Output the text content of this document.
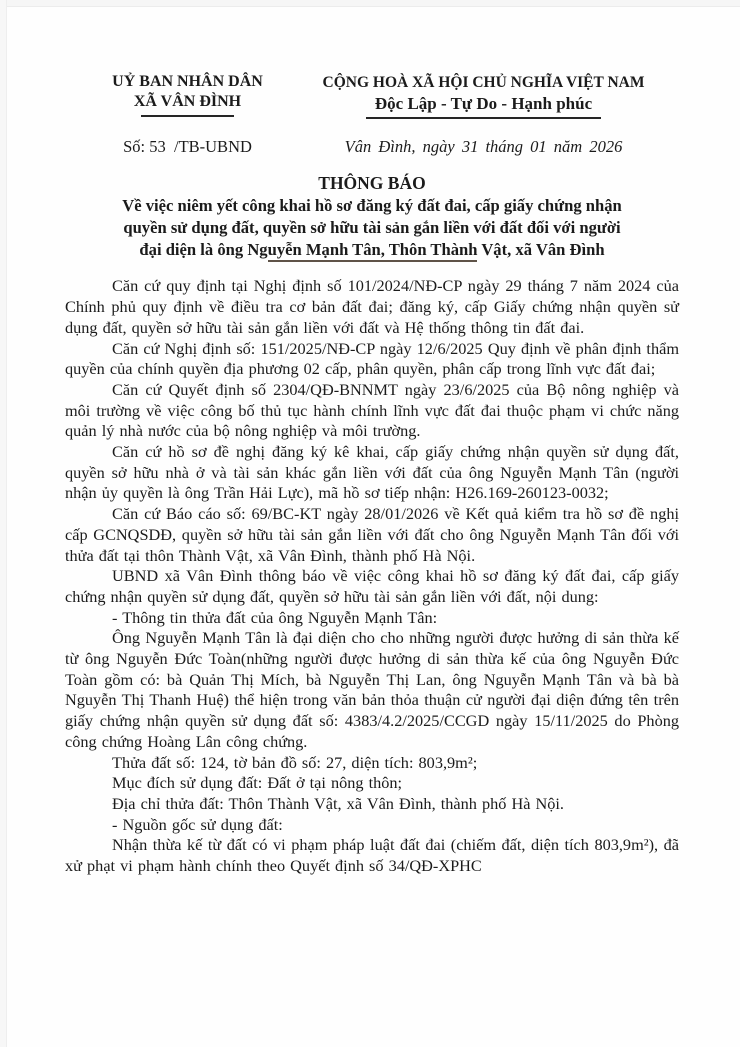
UỶ BAN NHÂN DÂN
XÃ VÂN ĐÌNH
Số: 53  /TB-UBND
CỘNG HOÀ XÃ HỘI CHỦ NGHĨA VIỆT NAM
Độc Lập - Tự Do - Hạnh phúc
Vân Đình, ngày 31 tháng 01 năm 2026
THÔNG BÁO
Về việc niêm yết công khai hồ sơ đăng ký đất đai, cấp giấy chứng nhận
quyền sử dụng đất, quyền sở hữu tài sản gắn liền với đất đối với người
đại diện là ông Nguyễn Mạnh Tân, Thôn Thành Vật, xã Vân Đình

Căn cứ quy định tại Nghị định số 101/2024/NĐ-CP ngày 29 tháng 7 năm 2024 của Chính phủ quy định về điều tra cơ bản đất đai; đăng ký, cấp Giấy chứng nhận quyền sử dụng đất, quyền sở hữu tài sản gắn liền với đất và Hệ thống thông tin đất đai.

Căn cứ Nghị định số: 151/2025/NĐ-CP ngày 12/6/2025 Quy định về phân định thẩm quyền của chính quyền địa phương 02 cấp, phân quyền, phân cấp trong lĩnh vực đất đai;

Căn cứ Quyết định số 2304/QĐ-BNNMT ngày 23/6/2025 của Bộ nông nghiệp và môi trường về việc công bố thủ tục hành chính lĩnh vực đất đai thuộc phạm vi chức năng quản lý nhà nước của bộ nông nghiệp và môi trường.

Căn cứ hồ sơ đề nghị đăng ký kê khai, cấp giấy chứng nhận quyền sử dụng đất, quyền sở hữu nhà ở và tài sản khác gắn liền với đất của ông Nguyễn Mạnh Tân (người nhận ủy quyền là ông Trần Hải Lực), mã hồ sơ tiếp nhận: H26.169-260123-0032;

Căn cứ Báo cáo số: 69/BC-KT ngày 28/01/2026 về Kết quả kiểm tra hồ sơ đề nghị cấp GCNQSDĐ, quyền sở hữu tài sản gắn liền với đất cho ông Nguyễn Mạnh Tân đối với thửa đất tại thôn Thành Vật, xã Vân Đình, thành phố Hà Nội.

UBND xã Vân Đình thông báo về việc công khai hồ sơ đăng ký đất đai, cấp giấy chứng nhận quyền sử dụng đất, quyền sở hữu tài sản gắn liền với đất, nội dung:

- Thông tin thửa đất của ông Nguyễn Mạnh Tân:

Ông Nguyễn Mạnh Tân là đại diện cho cho những người được hưởng di sản thừa kế từ ông Nguyễn Đức Toàn(những người được hưởng di sản thừa kế của ông Nguyễn Đức Toàn gồm có: bà Quản Thị Mích, bà Nguyễn Thị Lan, ông Nguyễn Mạnh Tân và bà bà Nguyễn Thị Thanh Huệ) thể hiện trong văn bản thỏa thuận cử người đại diện đứng tên trên giấy chứng nhận quyền sử dụng đất số: 4383/4.2/2025/CCGD ngày 15/11/2025 do Phòng công chứng Hoàng Lân công chứng.

Thửa đất số: 124, tờ bản đồ số: 27, diện tích: 803,9m²;

Mục đích sử dụng đất: Đất ở tại nông thôn;

Địa chỉ thửa đất: Thôn Thành Vật, xã Vân Đình, thành phố Hà Nội.

- Nguồn gốc sử dụng đất:

Nhận thừa kế từ đất có vi phạm pháp luật đất đai (chiếm đất, diện tích 803,9m²), đã xử phạt vi phạm hành chính theo Quyết định số 34/QĐ-XPHC
